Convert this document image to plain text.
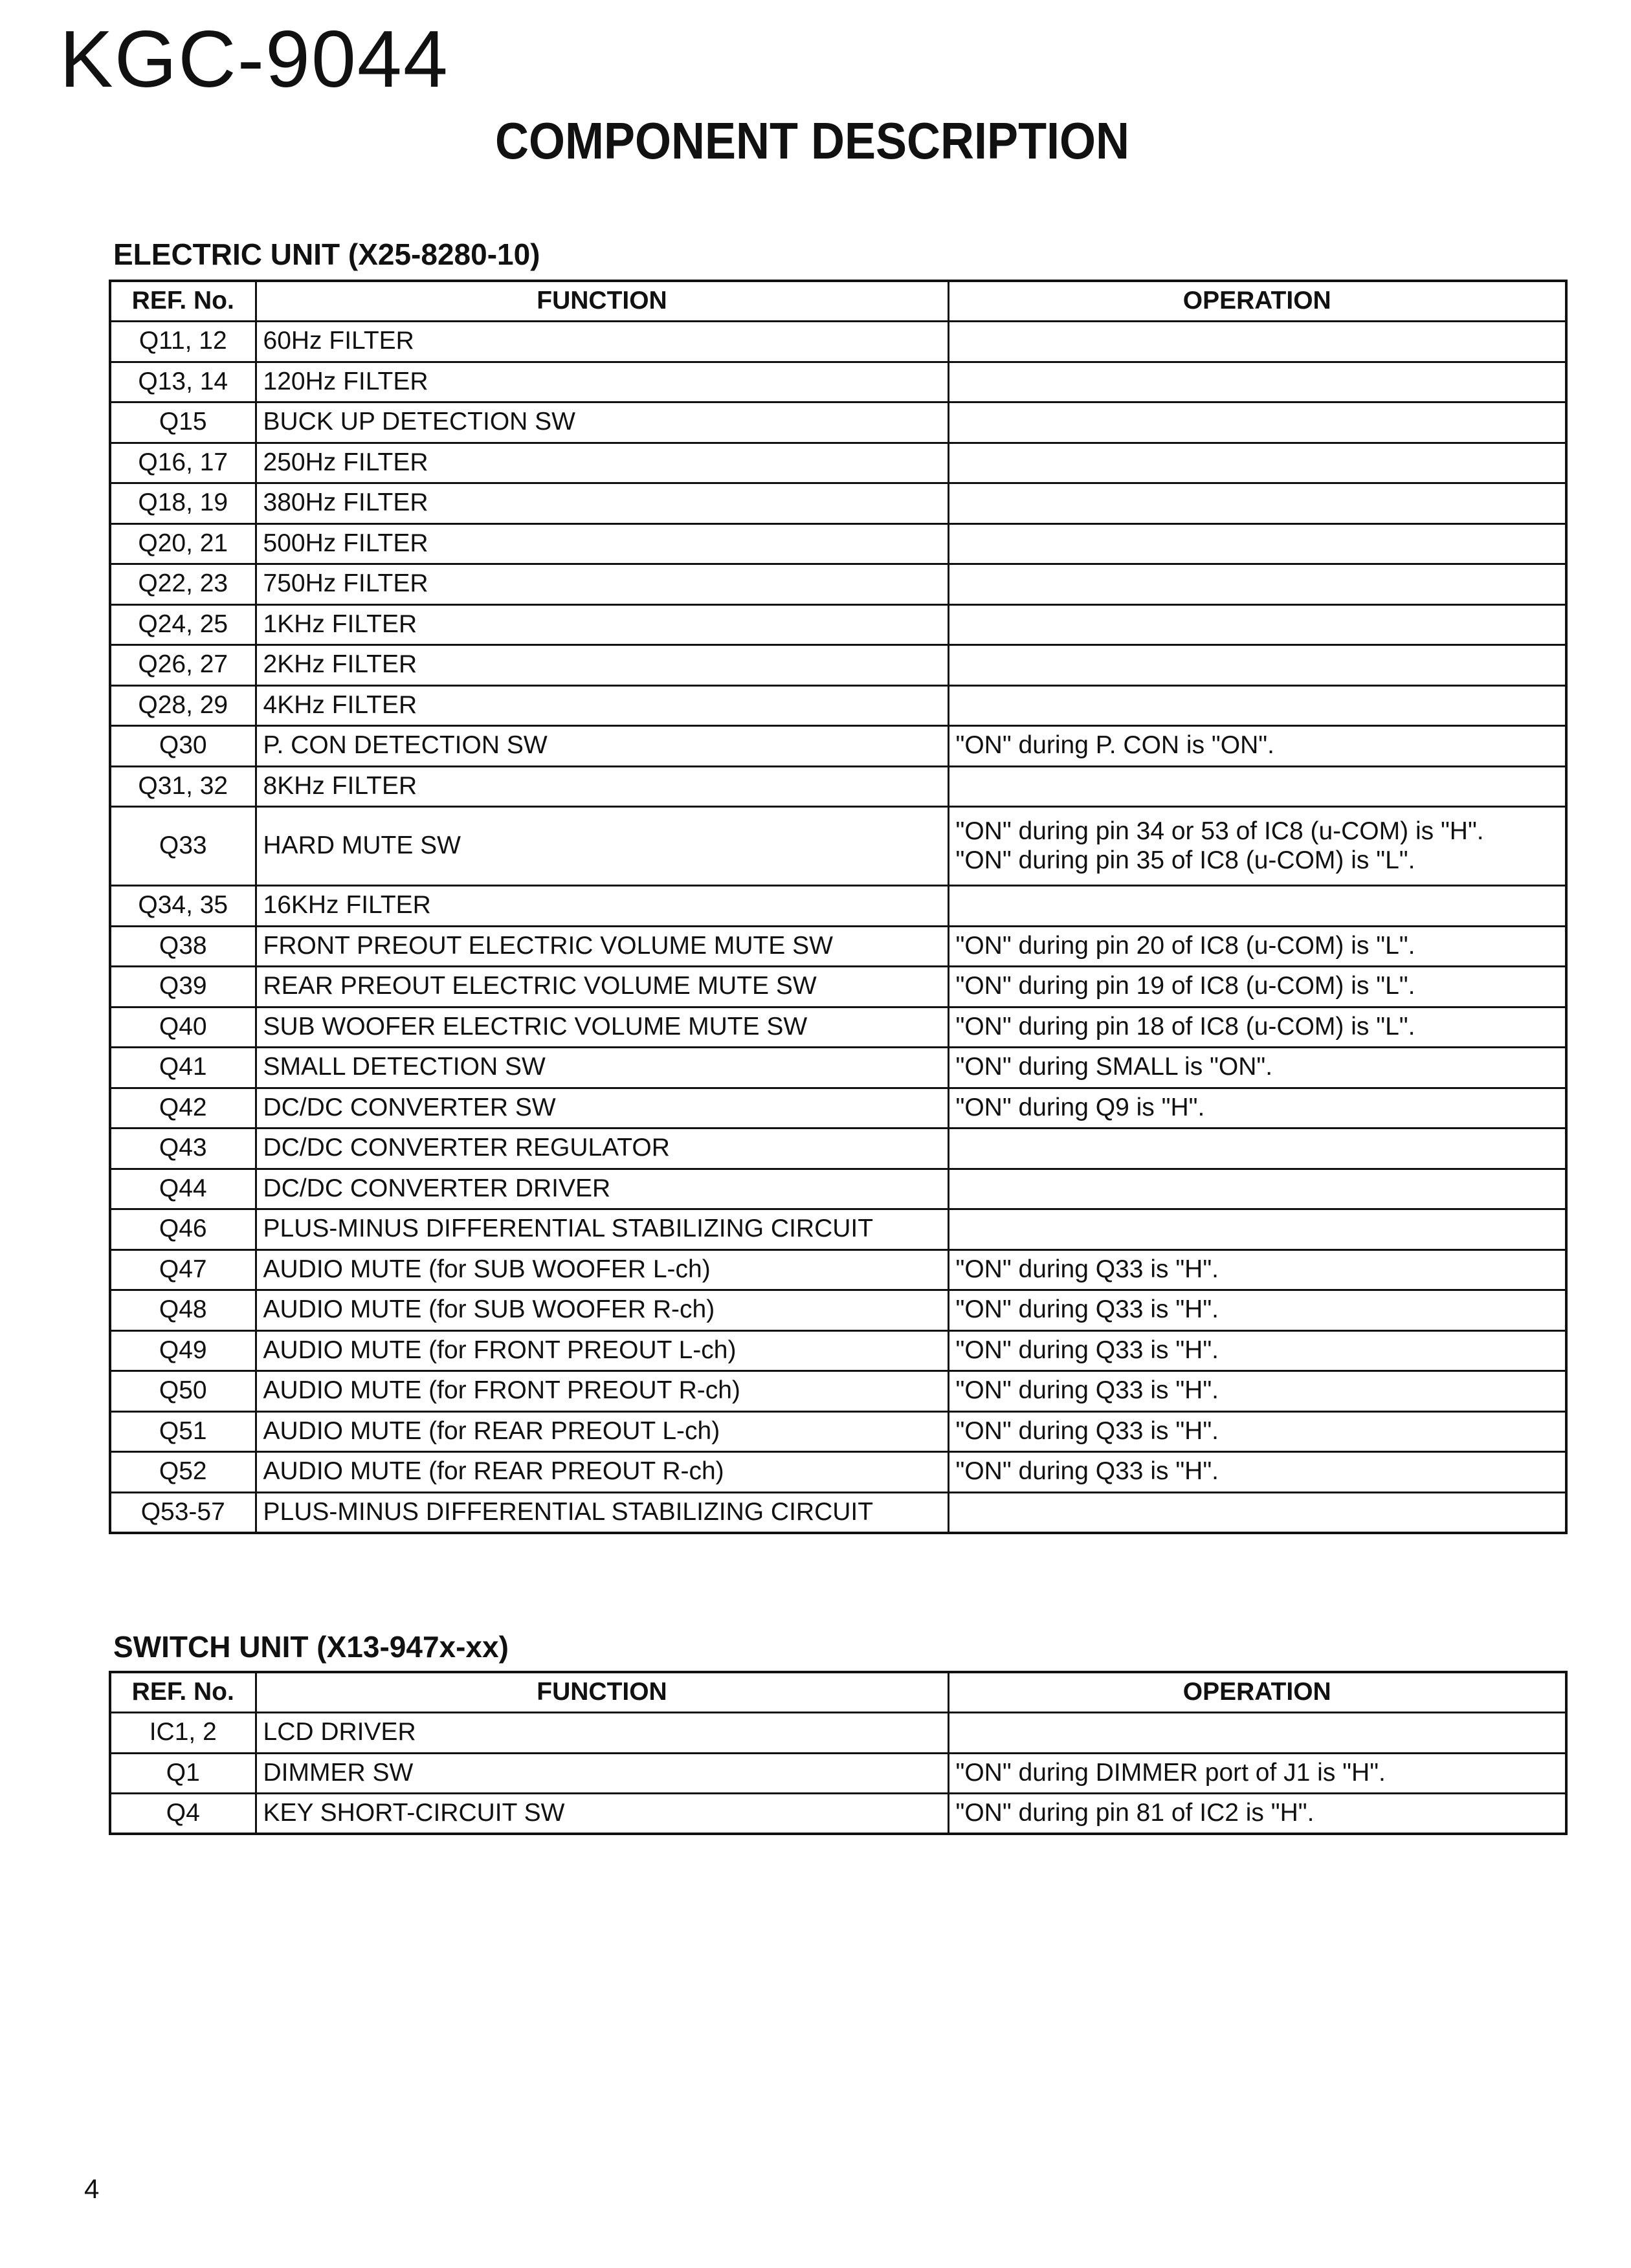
KGC-9044
COMPONENT DESCRIPTION
ELECTRIC UNIT (X25-8280-10)
REF. No.	FUNCTION	OPERATION
Q11, 12	60Hz FILTER	
Q13, 14	120Hz FILTER	
Q15	BUCK UP DETECTION SW	
Q16, 17	250Hz FILTER	
Q18, 19	380Hz FILTER	
Q20, 21	500Hz FILTER	
Q22, 23	750Hz FILTER	
Q24, 25	1KHz FILTER	
Q26, 27	2KHz FILTER	
Q28, 29	4KHz FILTER	
Q30	P. CON DETECTION SW	"ON" during P. CON is "ON".
Q31, 32	8KHz FILTER	
Q33	HARD MUTE SW	"ON" during pin 34 or 53 of IC8 (u-COM) is "H".
"ON" during pin 35 of IC8 (u-COM) is "L".

Q34, 35	16KHz FILTER	
Q38	FRONT PREOUT ELECTRIC VOLUME MUTE SW	"ON" during pin 20 of IC8 (u-COM) is "L".
Q39	REAR PREOUT ELECTRIC VOLUME MUTE SW	"ON" during pin 19 of IC8 (u-COM) is "L".
Q40	SUB WOOFER ELECTRIC VOLUME MUTE SW	"ON" during pin 18 of IC8 (u-COM) is "L".
Q41	SMALL DETECTION SW	"ON" during SMALL is "ON".
Q42	DC/DC CONVERTER SW	"ON" during Q9 is "H".
Q43	DC/DC CONVERTER REGULATOR	
Q44	DC/DC CONVERTER DRIVER	
Q46	PLUS-MINUS DIFFERENTIAL STABILIZING CIRCUIT	
Q47	AUDIO MUTE (for SUB WOOFER L-ch)	"ON" during Q33 is "H".
Q48	AUDIO MUTE (for SUB WOOFER R-ch)	"ON" during Q33 is "H".
Q49	AUDIO MUTE (for FRONT PREOUT L-ch)	"ON" during Q33 is "H".
Q50	AUDIO MUTE (for FRONT PREOUT R-ch)	"ON" during Q33 is "H".
Q51	AUDIO MUTE (for REAR PREOUT L-ch)	"ON" during Q33 is "H".
Q52	AUDIO MUTE (for REAR PREOUT R-ch)	"ON" during Q33 is "H".
Q53-57	PLUS-MINUS DIFFERENTIAL STABILIZING CIRCUIT	
SWITCH UNIT (X13-947x-xx)
REF. No.	FUNCTION	OPERATION
IC1, 2	LCD DRIVER	
Q1	DIMMER SW	"ON" during DIMMER port of J1 is "H".
Q4	KEY SHORT-CIRCUIT SW	"ON" during pin 81 of IC2 is "H".
4
